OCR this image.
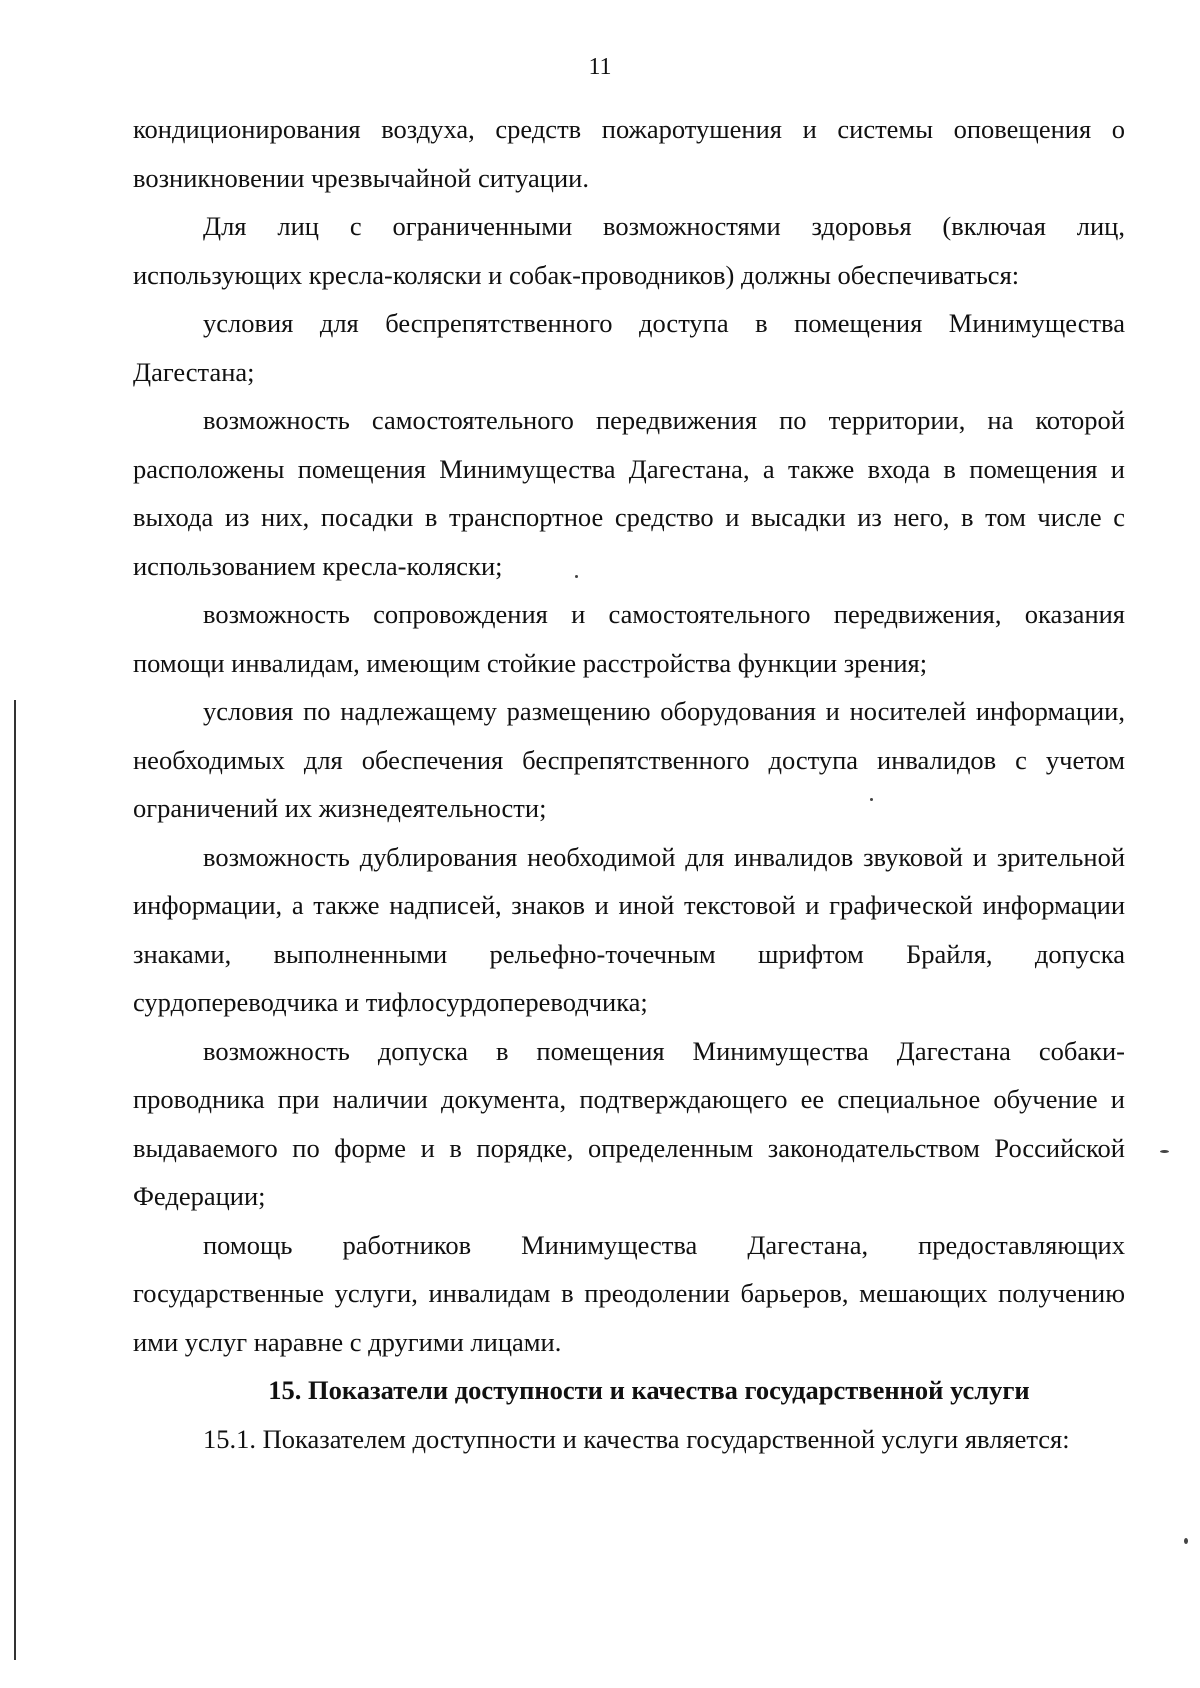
11

кондиционирования воздуха, средств пожаротушения и системы оповещения о возникновении чрезвычайной ситуации.

Для лиц с ограниченными возможностями здоровья (включая лиц, использующих кресла-коляски и собак-проводников) должны обеспечиваться:

условия для беспрепятственного доступа в помещения Минимущества Дагестана;

возможность самостоятельного передвижения по территории, на которой расположены помещения Минимущества Дагестана, а также входа в помещения и выхода из них, посадки в транспортное средство и высадки из него, в том числе с использованием кресла-коляски;

возможность сопровождения и самостоятельного передвижения, оказания помощи инвалидам, имеющим стойкие расстройства функции зрения;

условия по надлежащему размещению оборудования и носителей информации, необходимых для обеспечения беспрепятственного доступа инвалидов с учетом ограничений их жизнедеятельности;

возможность дублирования необходимой для инвалидов звуковой и зрительной информации, а также надписей, знаков и иной текстовой и графической информации знаками, выполненными рельефно-точечным шрифтом Брайля, допуска сурдопереводчика и тифлосурдопереводчика;

возможность допуска в помещения Минимущества Дагестана собаки-проводника при наличии документа, подтверждающего ее специальное обучение и выдаваемого по форме и в порядке, определенным законодательством Российской Федерации;

помощь работников Минимущества Дагестана, предоставляющих государственные услуги, инвалидам в преодолении барьеров, мешающих получению ими услуг наравне с другими лицами.

15. Показатели доступности и качества государственной услуги

15.1. Показателем доступности и качества государственной услуги является:
